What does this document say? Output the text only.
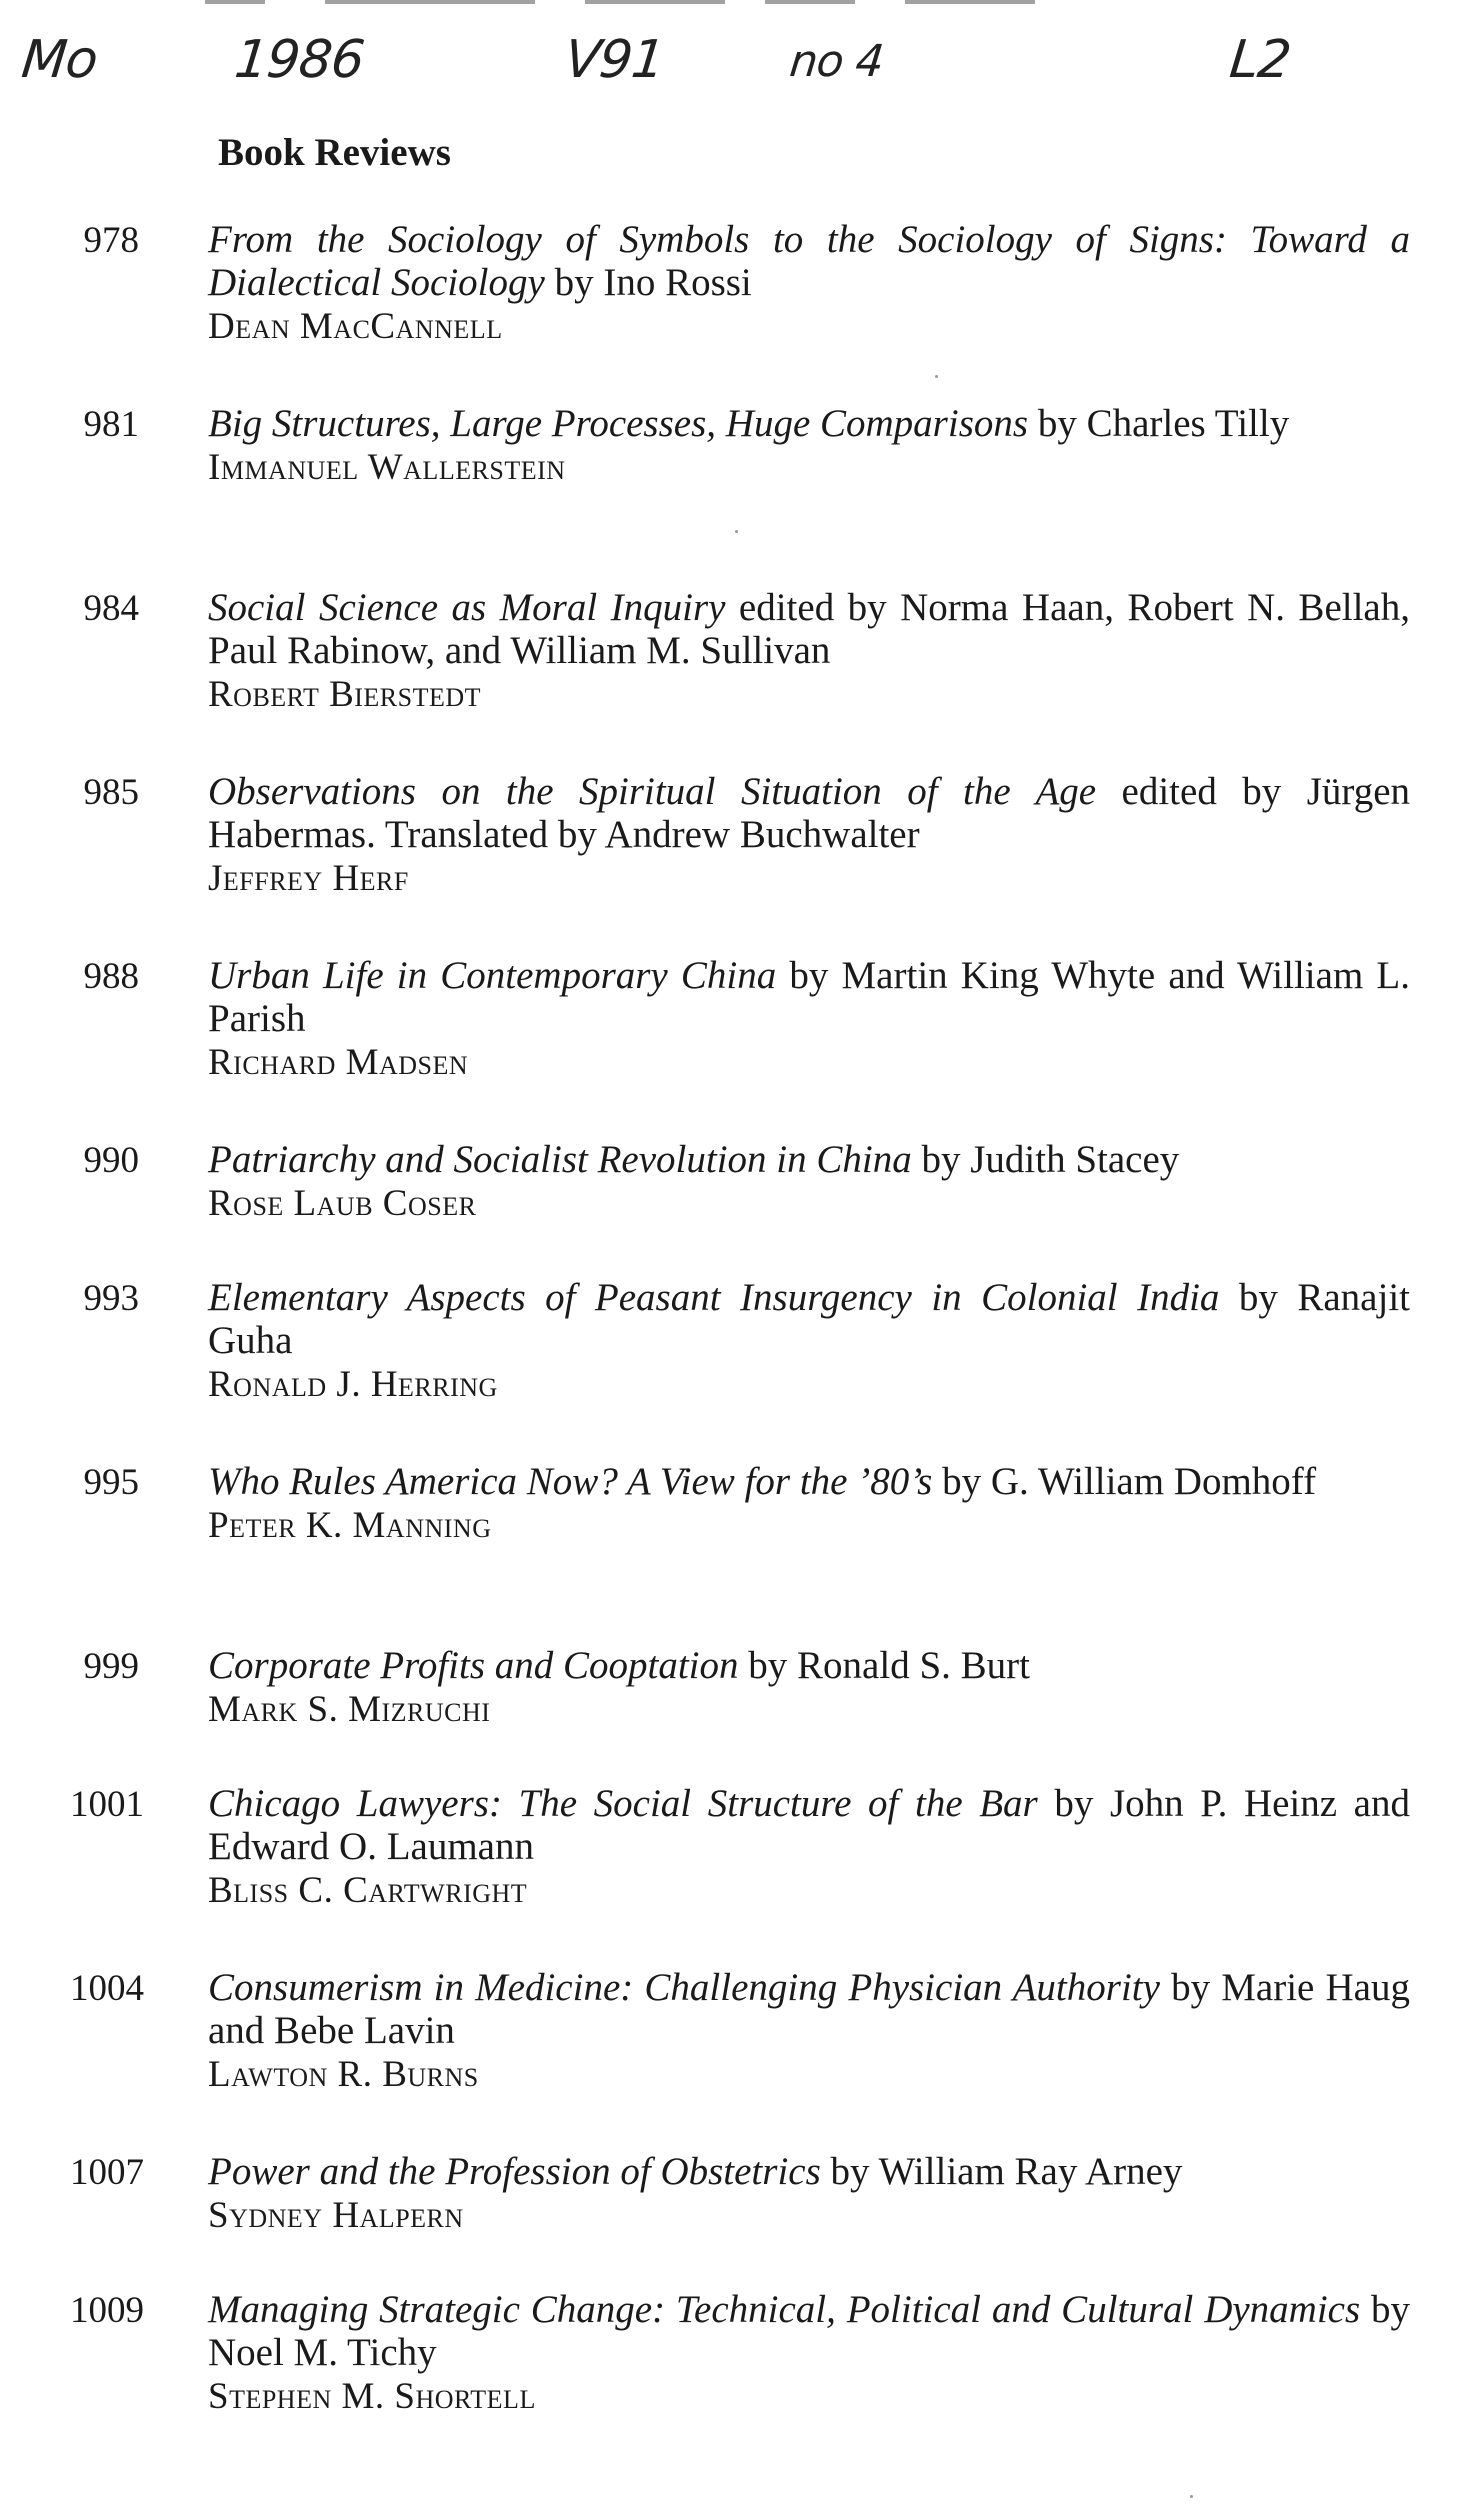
Mo	1986	V91	no 4	L2
Book Reviews
978	From the Sociology of Symbols to the Sociology of Signs: Toward a Dialectical Sociology by Ino Rossi
Dean MacCannell
981	Big Structures, Large Processes, Huge Comparisons by Charles Tilly
Immanuel Wallerstein
984	Social Science as Moral Inquiry edited by Norma Haan, Robert N. Bellah, Paul Rabinow, and William M. Sullivan
Robert Bierstedt
985	Observations on the Spiritual Situation of the Age edited by Jürgen Habermas. Translated by Andrew Buchwalter
Jeffrey Herf
988	Urban Life in Contemporary China by Martin King Whyte and William L. Parish
Richard Madsen
990	Patriarchy and Socialist Revolution in China by Judith Stacey
Rose Laub Coser
993	Elementary Aspects of Peasant Insurgency in Colonial India by Ranajit Guha
Ronald J. Herring
995	Who Rules America Now? A View for the ’80’s by G. William Domhoff
Peter K. Manning
999	Corporate Profits and Cooptation by Ronald S. Burt
Mark S. Mizruchi
1001	Chicago Lawyers: The Social Structure of the Bar by John P. Heinz and Edward O. Laumann
Bliss C. Cartwright
1004	Consumerism in Medicine: Challenging Physician Authority by Marie Haug and Bebe Lavin
Lawton R. Burns
1007	Power and the Profession of Obstetrics by William Ray Arney
Sydney Halpern
1009	Managing Strategic Change: Technical, Political and Cultural Dynamics by Noel M. Tichy
Stephen M. Shortell
